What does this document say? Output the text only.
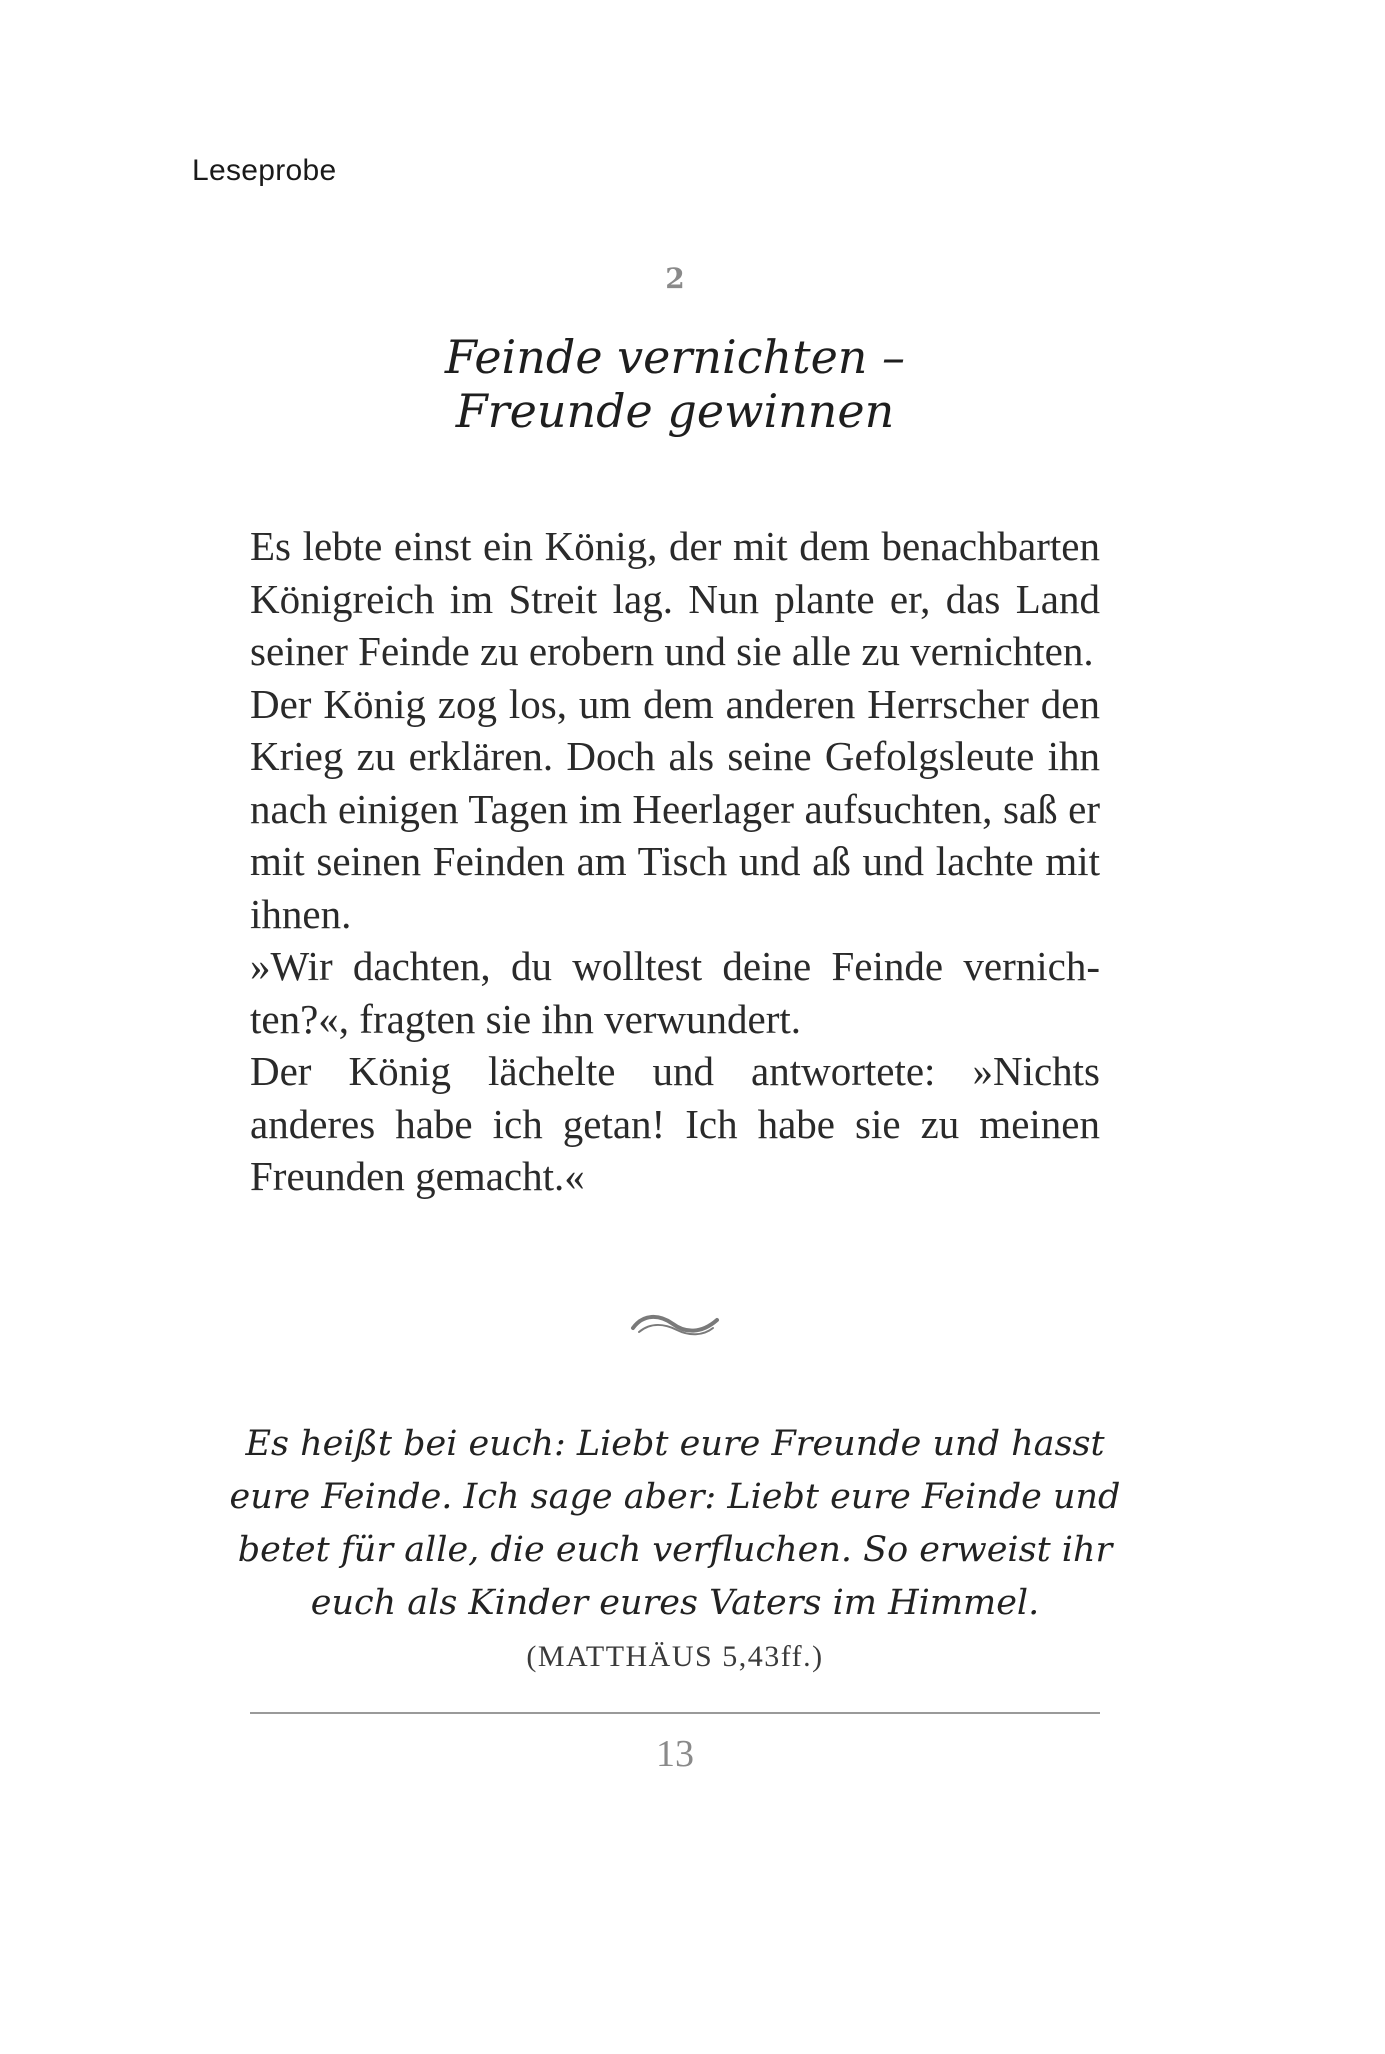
Leseprobe
2
Feinde vernichten –
Freunde gewinnen

Es lebte einst ein König, der mit dem benachbarten Königreich im Streit lag. Nun plante er, das Land seiner Feinde zu erobern und sie alle zu vernichten.

Der König zog los, um dem anderen Herrscher den Krieg zu erklären. Doch als seine Gefolgsleute ihn nach einigen Tagen im Heerlager aufsuchten, saß er mit seinen Feinden am Tisch und aß und lachte mit ihnen.

»Wir dachten, du wolltest deine Feinde vernichten?«, fragten sie ihn verwundert.

Der König lächelte und antwortete: »Nichts anderes habe ich getan! Ich habe sie zu meinen Freunden gemacht.«

Es heißt bei euch: Liebt eure Freunde und hasst
eure Feinde. Ich sage aber: Liebt eure Feinde und
betet für alle, die euch verfluchen. So erweist ihr
euch als Kinder eures Vaters im Himmel.
(MATTHÄUS 5,43ff.)
13
